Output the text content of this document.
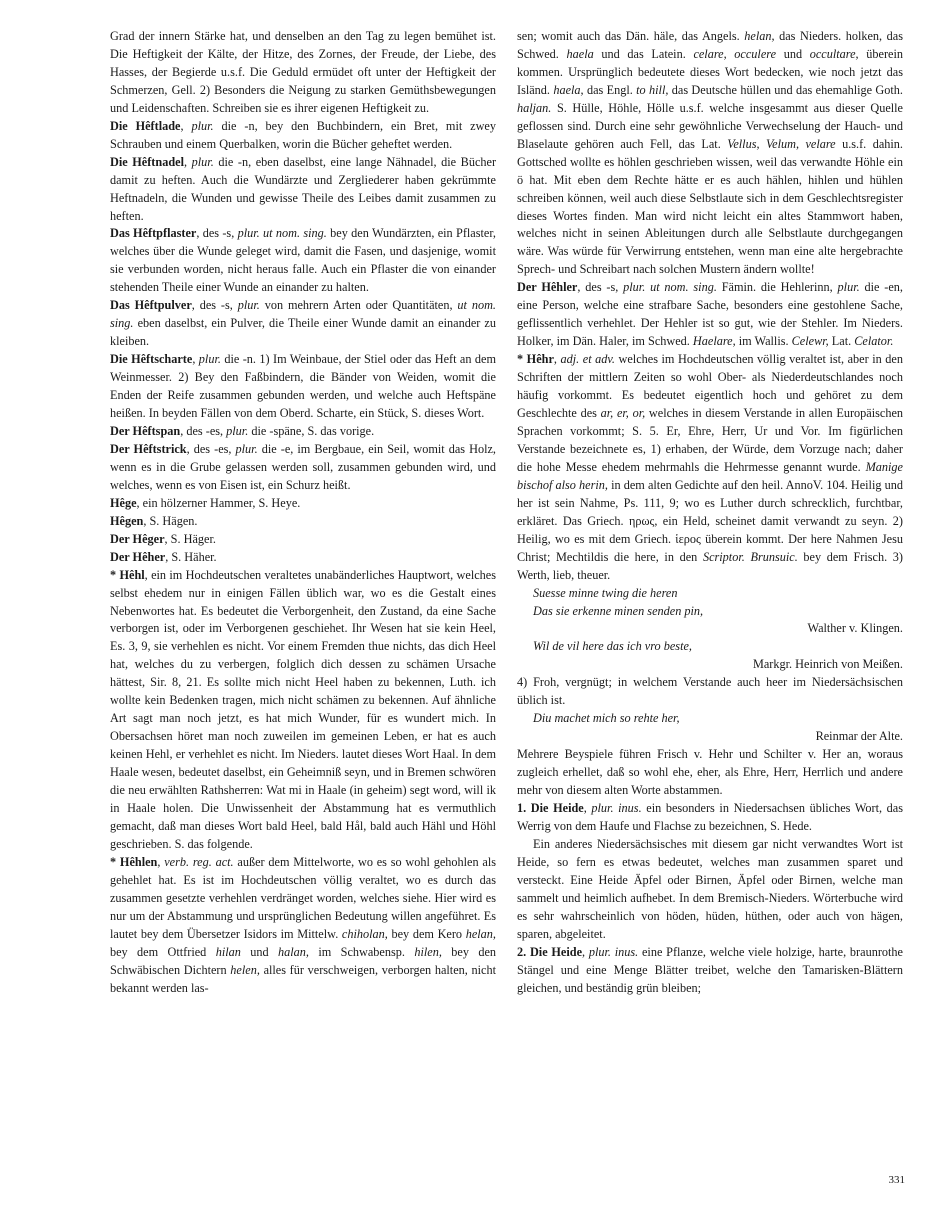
Grad der innern Stärke hat, und denselben an den Tag zu legen bemühet ist. Die Heftigkeit der Kälte, der Hitze, des Zornes, der Freude, der Liebe, des Hasses, der Begierde u.s.f. Die Geduld ermüdet oft unter der Heftigkeit der Schmerzen, Gell. 2) Besonders die Neigung zu starken Gemüthsbewegungen und Leidenschaften. Schreiben sie es ihrer eigenen Heftigkeit zu.

Die Hêftlade, plur. die -n, bey den Buchbindern, ein Bret, mit zwey Schrauben und einem Querbalken, worin die Bücher geheftet werden.

Die Hêftnadel, plur. die -n, eben daselbst, eine lange Nähnadel, die Bücher damit zu heften. Auch die Wundärzte und Zergliederer haben gekrümmte Heftnadeln, die Wunden und gewisse Theile des Leibes damit zusammen zu heften.

Das Hêftpflaster, des -s, plur. ut nom. sing. bey den Wundärzten, ein Pflaster, welches über die Wunde geleget wird, damit die Fasen, und dasjenige, womit sie verbunden worden, nicht heraus falle. Auch ein Pflaster die von einander stehenden Theile einer Wunde an einander zu halten.

Das Hêftpulver, des -s, plur. von mehrern Arten oder Quantitäten, ut nom. sing. eben daselbst, ein Pulver, die Theile einer Wunde damit an einander zu kleiben.

Die Hêftscharte, plur. die -n. 1) Im Weinbaue, der Stiel oder das Heft an dem Weinmesser. 2) Bey den Faßbindern, die Bänder von Weiden, womit die Enden der Reife zusammen gebunden werden, und welche auch Heftspäne heißen. In beyden Fällen von dem Oberd. Scharte, ein Stück, S. dieses Wort.

Der Hêftspan, des -es, plur. die -späne, S. das vorige.

Der Hêftstrick, des -es, plur. die -e, im Bergbaue, ein Seil, womit das Holz, wenn es in die Grube gelassen werden soll, zusammen gebunden wird, und welches, wenn es von Eisen ist, ein Schurz heißt.

Hêge, ein hölzerner Hammer, S. Heye.

Hêgen, S. Hägen.

Der Hêger, S. Häger.

Der Hêher, S. Häher.

* Hêhl, ein im Hochdeutschen veraltetes unabänderliches Hauptwort, welches selbst ehedem nur in einigen Fällen üblich war, wo es die Gestalt eines Nebenwortes hat. Es bedeutet die Verborgenheit, den Zustand, da eine Sache verborgen ist, oder im Verborgenen geschiehet. Ihr Wesen hat sie kein Heel, Es. 3, 9, sie verhehlen es nicht. Vor einem Fremden thue nichts, das dich Heel hat, welches du zu verbergen, folglich dich dessen zu schämen Ursache hättest, Sir. 8, 21. Es sollte mich nicht Heel haben zu bekennen, Luth. ich wollte kein Bedenken tragen, mich nicht schämen zu bekennen. Auf ähnliche Art sagt man noch jetzt, es hat mich Wunder, für es wundert mich. In Obersachsen höret man noch zuweilen im gemeinen Leben, er hat es auch keinen Hehl, er verhehlet es nicht. Im Nieders. lautet dieses Wort Haal. In dem Haale wesen, bedeutet daselbst, ein Geheimniß seyn, und in Bremen schwören die neu erwählten Rathsherren: Wat mi in Haale (in geheim) segt word, will ik in Haale holen. Die Unwissenheit der Abstammung hat es vermuthlich gemacht, daß man dieses Wort bald Heel, bald Hål, bald auch Hähl und Höhl geschrieben. S. das folgende.

* Hêhlen, verb. reg. act. außer dem Mittelworte, wo es so wohl gehohlen als gehehlet hat. Es ist im Hochdeutschen völlig veraltet, wo es durch das zusammen gesetzte verhehlen verdränget worden, welches siehe. Hier wird es nur um der Abstammung und ursprünglichen Bedeutung willen angeführet. Es lautet bey dem Übersetzer Isidors im Mittelw. chiholan, bey dem Kero helan, bey dem Ottfried hilan und halan, im Schwabensp. hilen, bey den Schwäbischen Dichtern helen, alles für verschweigen, verborgen halten, nicht bekannt werden las-

sen; womit auch das Dän. häle, das Angels. helan, das Nieders. holken, das Schwed. haela und das Latein. celare, occulere und occultare, überein kommen. Ursprünglich bedeutete dieses Wort bedecken, wie noch jetzt das Isländ. haela, das Engl. to hill, das Deutsche hüllen und das ehemahlige Goth. haljan. S. Hülle, Höhle, Hölle u.s.f. welche insgesammt aus dieser Quelle geflossen sind. Durch eine sehr gewöhnliche Verwechselung der Hauch- und Blaselaute gehören auch Fell, das Lat. Vellus, Velum, velare u.s.f. dahin. Gottsched wollte es höhlen geschrieben wissen, weil das verwandte Höhle ein ö hat. Mit eben dem Rechte hätte er es auch hählen, hihlen und hühlen schreiben können, weil auch diese Selbstlaute sich in dem Geschlechtsregister dieses Wortes finden. Man wird nicht leicht ein altes Stammwort haben, welches nicht in seinen Ableitungen durch alle Selbstlaute durchgegangen wäre. Was würde für Verwirrung entstehen, wenn man eine alte hergebrachte Sprech- und Schreibart nach solchen Mustern ändern wollte!

Der Hêhler, des -s, plur. ut nom. sing. Fämin. die Hehlerinn, plur. die -en, eine Person, welche eine strafbare Sache, besonders eine gestohlene Sache, geflissentlich verhehlet. Der Hehler ist so gut, wie der Stehler. Im Nieders. Holker, im Dän. Haler, im Schwed. Haelare, im Wallis. Celewr, Lat. Celator.

* Hêhr, adj. et adv. welches im Hochdeutschen völlig veraltet ist, aber in den Schriften der mittlern Zeiten so wohl Ober- als Niederdeutschlandes noch häufig vorkommt. Es bedeutet eigentlich hoch und gehöret zu dem Geschlechte des ar, er, or, welches in diesem Verstande in allen Europäischen Sprachen vorkommt; S. 5. Er, Ehre, Herr, Ur und Vor. Im figürlichen Verstande bezeichnete es, 1) erhaben, der Würde, dem Vorzuge nach; daher die hohe Messe ehedem mehrmahls die Hehrmesse genannt wurde. Manige bischof also herin, in dem alten Gedichte auf den heil. AnnoV. 104. Heilig und her ist sein Nahme, Ps. 111, 9; wo es Luther durch schrecklich, furchtbar, erkläret. Das Griech. ηρως, ein Held, scheinet damit verwandt zu seyn. 2) Heilig, wo es mit dem Griech. ἱερος überein kommt. Der here Nahmen Jesu Christ; Mechtildis die here, in den Scriptor. Brunsuic. bey dem Frisch. 3) Werth, lieb, theuer.

Suesse minne twing die heren

Das sie erkenne minen senden pin,

Walther v. Klingen.

Wil de vil here das ich vro beste,

Markgr. Heinrich von Meißen.

4) Froh, vergnügt; in welchem Verstande auch heer im Niedersächsischen üblich ist.

Diu machet mich so rehte her,

Reinmar der Alte.

Mehrere Beyspiele führen Frisch v. Hehr und Schilter v. Her an, woraus zugleich erhellet, daß so wohl ehe, eher, als Ehre, Herr, Herrlich und andere mehr von diesem alten Worte abstammen.

1. Die Heide, plur. inus. ein besonders in Niedersachsen übliches Wort, das Werrig von dem Haufe und Flachse zu bezeichnen, S. Hede.

Ein anderes Niedersächsisches mit diesem gar nicht verwandtes Wort ist Heide, so fern es etwas bedeutet, welches man zusammen sparet und versteckt. Eine Heide Äpfel oder Birnen, Äpfel oder Birnen, welche man sammelt und heimlich aufhebet. In dem Bremisch-Nieders. Wörterbuche wird es sehr wahrscheinlich von höden, hüden, hüthen, oder auch von hägen, sparen, abgeleitet.

2. Die Heide, plur. inus. eine Pflanze, welche viele holzige, harte, braunrothe Stängel und eine Menge Blätter treibet, welche den Tamarisken-Blättern gleichen, und beständig grün bleiben;

331
